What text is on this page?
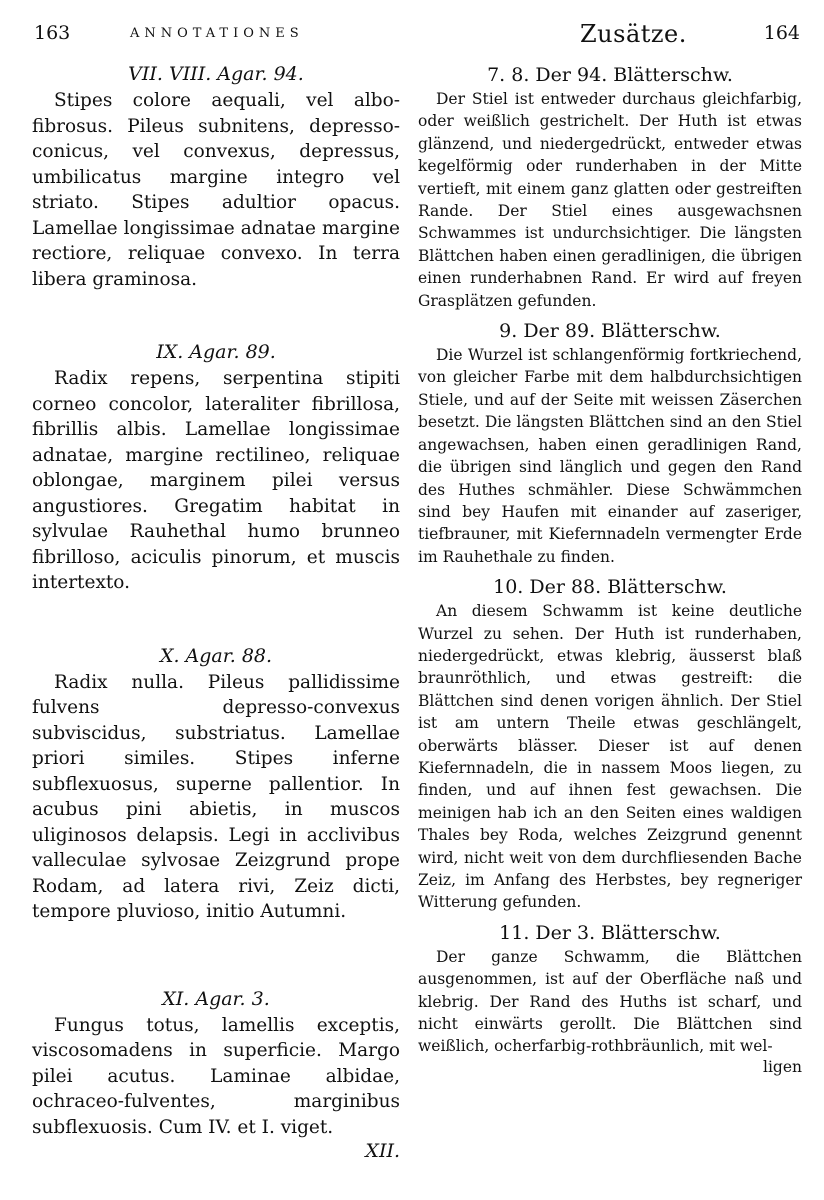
163	ANNOTATIONES

VII. VIII. Agar. 94.

Stipes colore aequali, vel albo-fibrosus. Pileus subnitens, depresso-conicus, vel convexus, depressus, umbilicatus margine integro vel striato. Stipes adultior opacus. Lamellae longissimae adnatae margine rectiore, reliquae convexo. In terra libera graminosa.

IX. Agar. 89.

Radix repens, serpentina stipiti corneo concolor, lateraliter fibrillosa, fibrillis albis. Lamellae longissimae adnatae, margine rectilineo, reliquae oblongae, marginem pilei versus angustiores. Gregatim habitat in sylvulae Rauhethal humo brunneo fibrilloso, aciculis pinorum, et muscis intertexto.

X. Agar. 88.

Radix nulla. Pileus pallidissime fulvens depresso-convexus subviscidus, substriatus. Lamellae priori similes. Stipes inferne subflexuosus, superne pallentior. In acubus pini abietis, in muscos uliginosos delapsis. Legi in acclivibus valleculae sylvosae Zeizgrund prope Rodam, ad latera rivi, Zeiz dicti, tempore pluvioso, initio Autumni.

XI. Agar. 3.

Fungus totus, lamellis exceptis, viscosomadens in superficie. Margo pilei acutus. Laminae albidae, ochraceo-fulventes, marginibus subflexuosis. Cum IV. et I. viget.

XII.

Zusätze.	164

7. 8. Der 94. Blätterschw.

Der Stiel ist entweder durchaus gleichfarbig, oder weißlich gestrichelt. Der Huth ist etwas glänzend, und niedergedrückt, entweder etwas kegelförmig oder runderhaben in der Mitte vertieft, mit einem ganz glatten oder gestreiften Rande. Der Stiel eines ausgewachsnen Schwammes ist undurchsichtiger. Die längsten Blättchen haben einen geradlinigen, die übrigen einen runderhabnen Rand. Er wird auf freyen Grasplätzen gefunden.

9. Der 89. Blätterschw.

Die Wurzel ist schlangenförmig fortkriechend, von gleicher Farbe mit dem halbdurchsichtigen Stiele, und auf der Seite mit weissen Zäserchen besetzt. Die längsten Blättchen sind an den Stiel angewachsen, haben einen geradlinigen Rand, die übrigen sind länglich und gegen den Rand des Huthes schmähler. Diese Schwämmchen sind bey Haufen mit einander auf zaseriger, tiefbrauner, mit Kiefernnadeln vermengter Erde im Rauhethale zu finden.

10. Der 88. Blätterschw.

An diesem Schwamm ist keine deutliche Wurzel zu sehen. Der Huth ist runderhaben, niedergedrückt, etwas klebrig, äusserst blaß braunröthlich, und etwas gestreift: die Blättchen sind denen vorigen ähnlich. Der Stiel ist am untern Theile etwas geschlängelt, oberwärts blässer. Dieser ist auf denen Kiefernnadeln, die in nassem Moos liegen, zu finden, und auf ihnen fest gewachsen. Die meinigen hab ich an den Seiten eines waldigen Thales bey Roda, welches Zeizgrund genennt wird, nicht weit von dem durchfliesenden Bache Zeiz, im Anfang des Herbstes, bey regneriger Witterung gefunden.

11. Der 3. Blätterschw.

Der ganze Schwamm, die Blättchen ausgenommen, ist auf der Oberfläche naß und klebrig. Der Rand des Huths ist scharf, und nicht einwärts gerollt. Die Blättchen sind weißlich, ocherfarbig-rothbräunlich, mit wel-

ligen
